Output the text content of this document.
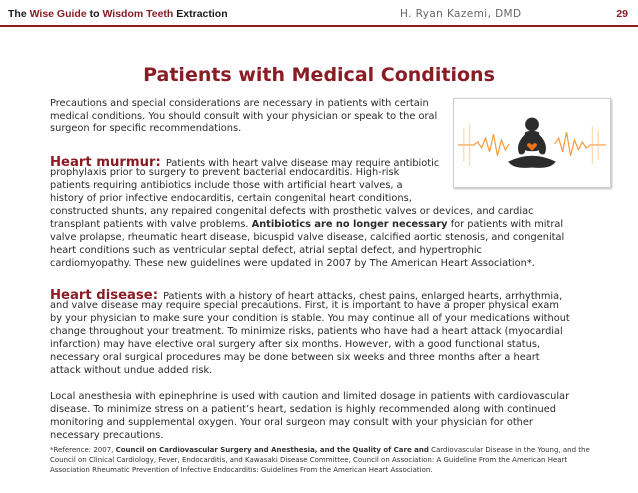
The Wise Guide to Wisdom Teeth Extraction	H. Ryan Kazemi, DMD	29
Patients with Medical Conditions
Precautions and special considerations are necessary in patients with certain
medical conditions. You should consult with your physician or speak to the oral
surgeon for specific recommendations.
Heart murmur: Patients with heart valve disease may require antibiotic
prophylaxis prior to surgery to prevent bacterial endocarditis. High-risk
patients requiring antibiotics include those with artificial heart valves, a
history of prior infective endocarditis, certain congenital heart conditions,
constructed shunts, any repaired congenital defects with prosthetic valves or devices, and cardiac
transplant patients with valve problems. Antibiotics are no longer necessary for patients with mitral
valve prolapse, rheumatic heart disease, bicuspid valve disease, calcified aortic stenosis, and congenital
heart conditions such as ventricular septal defect, atrial septal defect, and hypertrophic
cardiomyopathy. These new guidelines were updated in 2007 by The American Heart Association*.
Heart disease: Patients with a history of heart attacks, chest pains, enlarged hearts, arrhythmia,
and valve disease may require special precautions. First, it is important to have a proper physical exam
by your physician to make sure your condition is stable. You may continue all of your medications without
change throughout your treatment. To minimize risks, patients who have had a heart attack (myocardial
infarction) may have elective oral surgery after six months. However, with a good functional status,
necessary oral surgical procedures may be done between six weeks and three months after a heart
attack without undue added risk.
Local anesthesia with epinephrine is used with caution and limited dosage in patients with cardiovascular
disease. To minimize stress on a patient’s heart, sedation is highly recommended along with continued
monitoring and supplemental oxygen. Your oral surgeon may consult with your physician for other
necessary precautions.
*Reference: 2007, Council on Cardiovascular Surgery and Anesthesia, and the Quality of Care and Cardiovascular Disease in the Young, and the
Council on Clinical Cardiology, Fever, Endocarditis, and Kawasaki Disease Committee, Council on Association: A Guideline From the American Heart
Association Rheumatic Prevention of Infective Endocarditis: Guidelines From the American Heart Association.
